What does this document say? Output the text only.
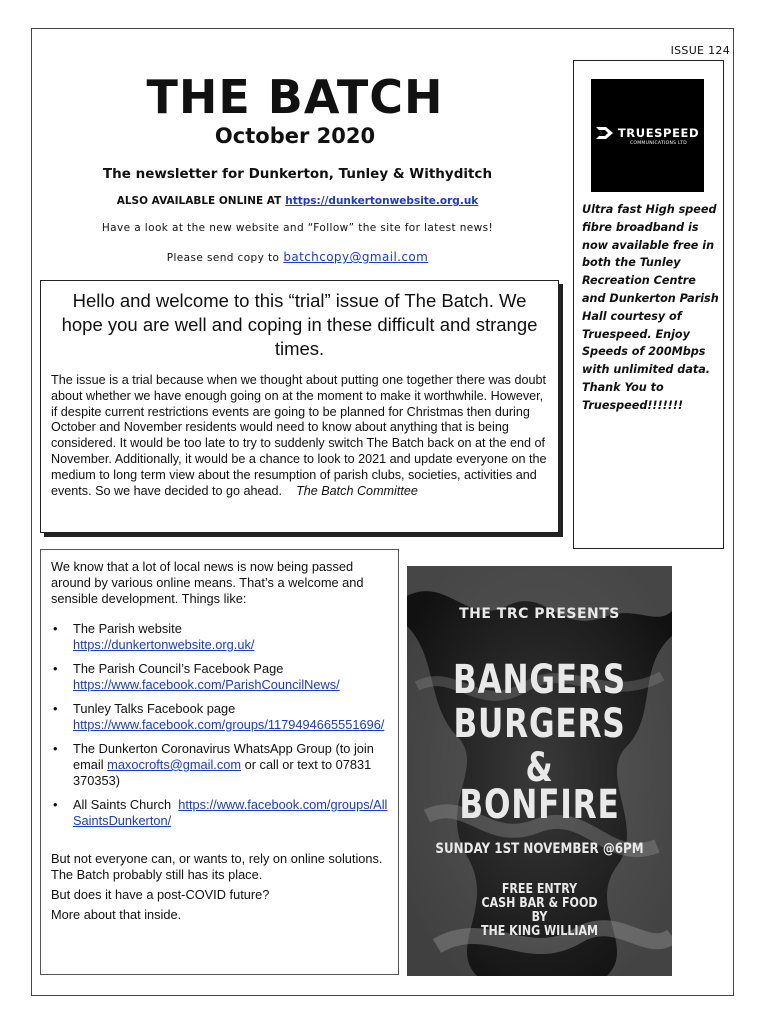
ISSUE 124
THE BATCH
October 2020
The newsletter for Dunkerton, Tunley & Withyditch
ALSO AVAILABLE ONLINE AT https://dunkertonwebsite.org.uk
Have a look at the new website and “Follow” the site for latest news!
Please send copy to batchcopy@gmail.com

Hello and welcome to this “trial” issue of The Batch. We hope you are well and coping in these difficult and strange times.

The issue is a trial because when we thought about putting one together there was doubt about whether we have enough going on at the moment to make it worthwhile. However, if despite current restrictions events are going to be planned for Christmas then during October and November residents would need to know about anything that is being considered. It would be too late to try to suddenly switch The Batch back on at the end of November. Additionally, it would be a chance to look to 2021 and update everyone on the medium to long term view about the resumption of parish clubs, societies, activities and events. So we have decided to go ahead. The Batch Committee

TRUESPEED
COMMUNICATIONS LTD
Ultra fast High speed fibre broadband is now available free in both the Tunley Recreation Centre and Dunkerton Parish Hall courtesy of Truespeed. Enjoy Speeds of 200Mbps with unlimited data. Thank You to Truespeed!!!!!!!

We know that a lot of local news is now being passed around by various online means. That’s a welcome and sensible development. Things like:

• The Parish website
https://dunkertonwebsite.org.uk/
• The Parish Council’s Facebook Page
https://www.facebook.com/ParishCouncilNews/
• Tunley Talks Facebook page
https://www.facebook.com/groups/1179494665551696/
• The Dunkerton Coronavirus WhatsApp Group (to join email maxocrofts@gmail.com or call or text to 07831 370353)
• All Saints Church https://www.facebook.com/groups/AllSaintsDunkerton/

But not everyone can, or wants to, rely on online solutions. The Batch probably still has its place.

But does it have a post-COVID future?

More about that inside.

THE TRC PRESENTS
BANGERS
BURGERS
&
BONFIRE
SUNDAY 1ST NOVEMBER @6PM
FREE ENTRY
CASH BAR & FOOD
BY
THE KING WILLIAM
